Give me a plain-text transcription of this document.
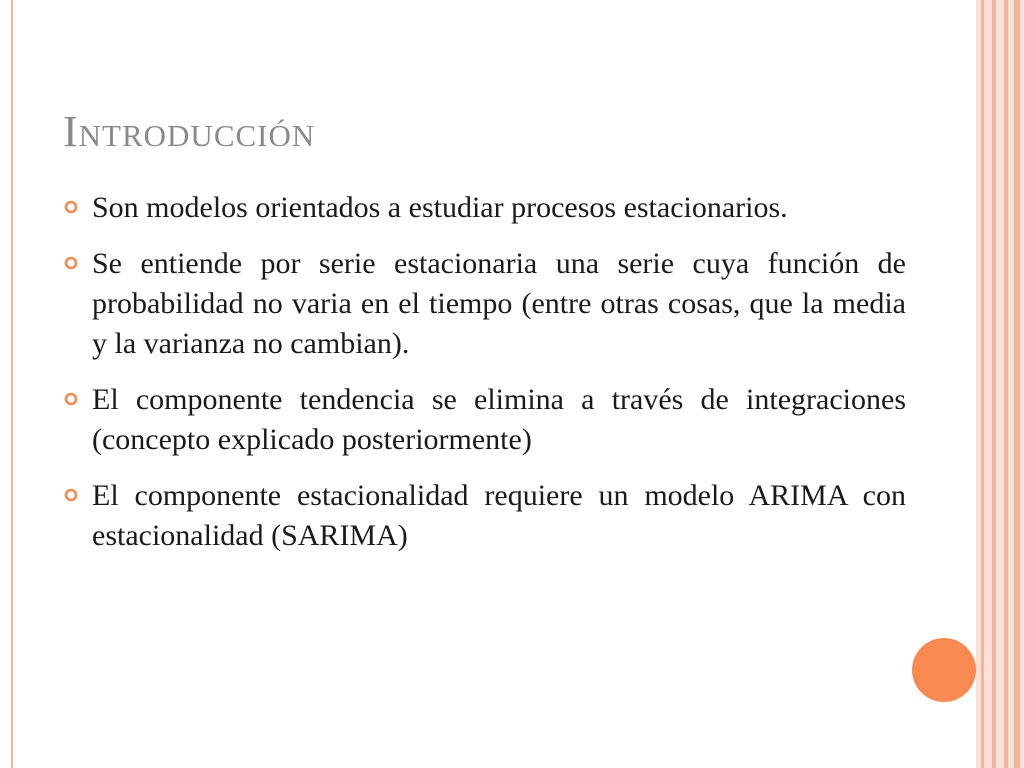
Introducción
Son modelos orientados a estudiar procesos estacionarios.
Se entiende por serie estacionaria una serie cuya función de probabilidad no varia en el tiempo (entre otras cosas, que la media y la varianza no cambian).
El componente tendencia se elimina a través de integraciones (concepto explicado posteriormente)
El componente estacionalidad requiere un modelo ARIMA con estacionalidad (SARIMA)
